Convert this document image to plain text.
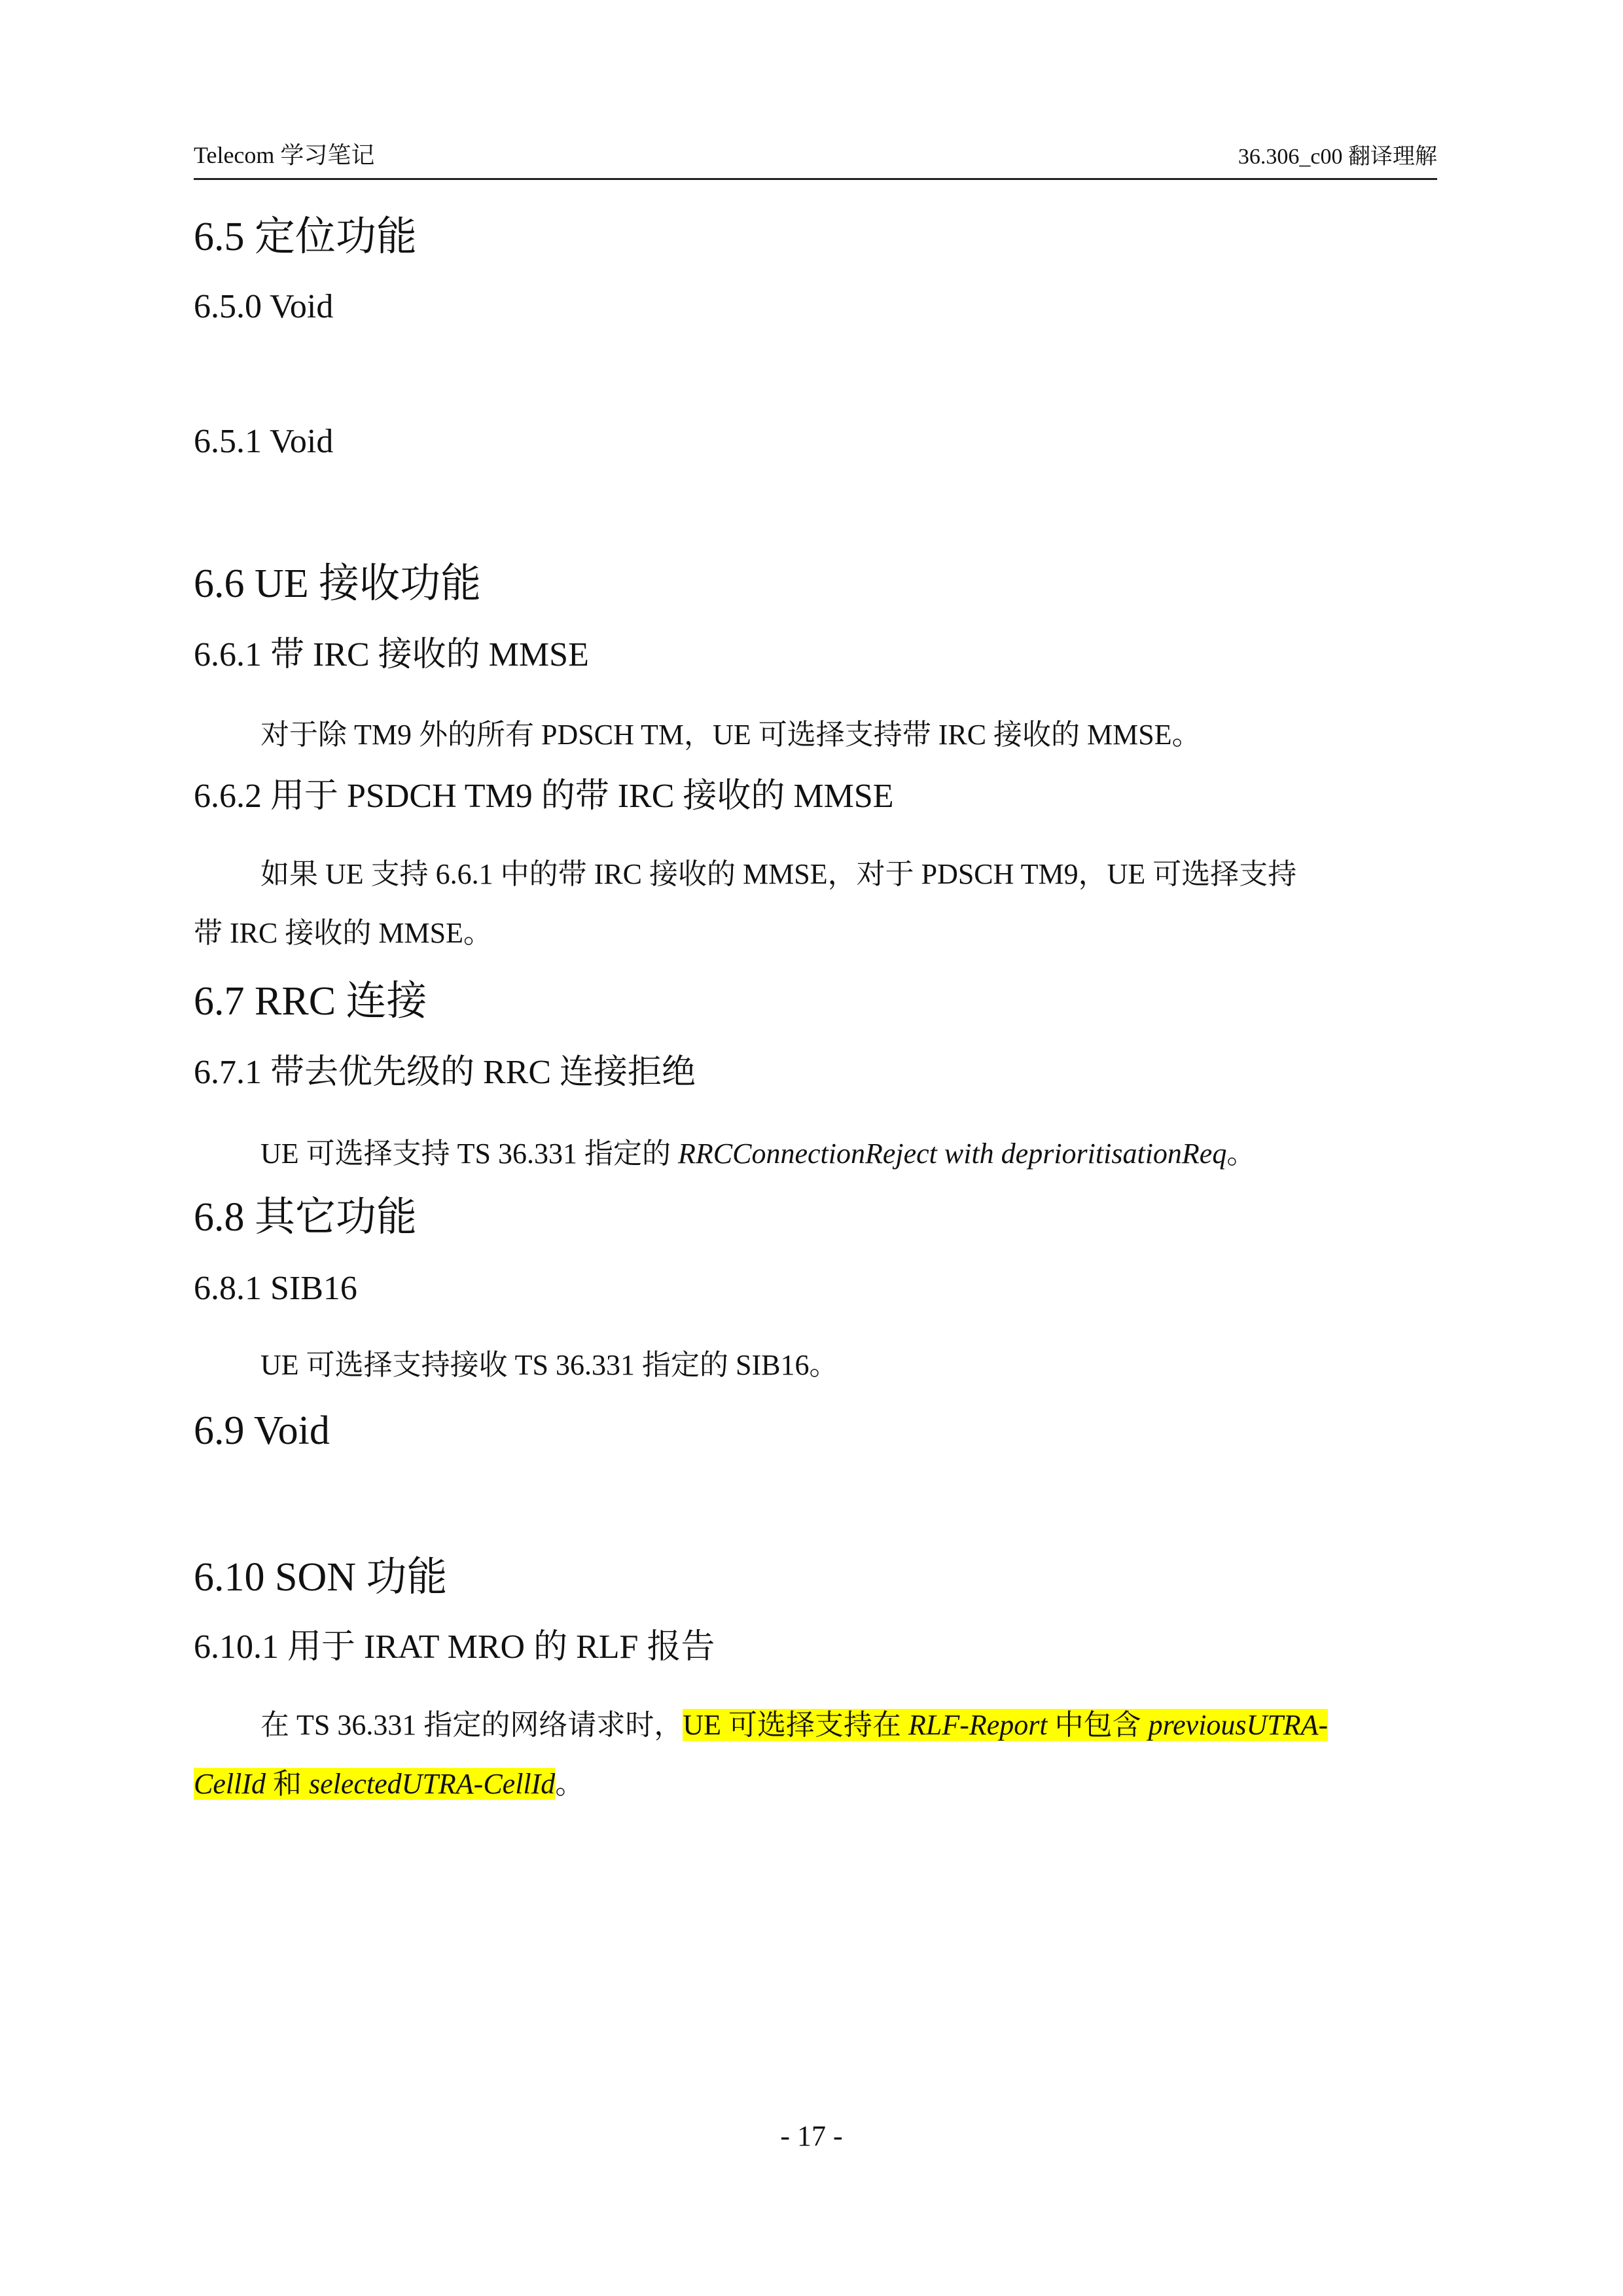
Telecom 学习笔记	36.306_c00 翻译理解
6.5 定位功能
6.5.0 Void
6.5.1 Void
6.6 UE 接收功能
6.6.1 带 IRC 接收的 MMSE
对于除 TM9 外的所有 PDSCH TM，UE 可选择支持带 IRC 接收的 MMSE。
6.6.2 用于 PSDCH TM9 的带 IRC 接收的 MMSE
如果 UE 支持 6.6.1 中的带 IRC 接收的 MMSE，对于 PDSCH TM9，UE 可选择支持
带 IRC 接收的 MMSE。
6.7 RRC 连接
6.7.1 带去优先级的 RRC 连接拒绝
UE 可选择支持 TS 36.331 指定的 RRCConnectionReject with deprioritisationReq。
6.8 其它功能
6.8.1 SIB16
UE 可选择支持接收 TS 36.331 指定的 SIB16。
6.9 Void
6.10 SON 功能
6.10.1 用于 IRAT MRO 的 RLF 报告
在 TS 36.331 指定的网络请求时，UE 可选择支持在 RLF-Report 中包含 previousUTRA-
CellId 和 selectedUTRA-CellId。
- 17 -
